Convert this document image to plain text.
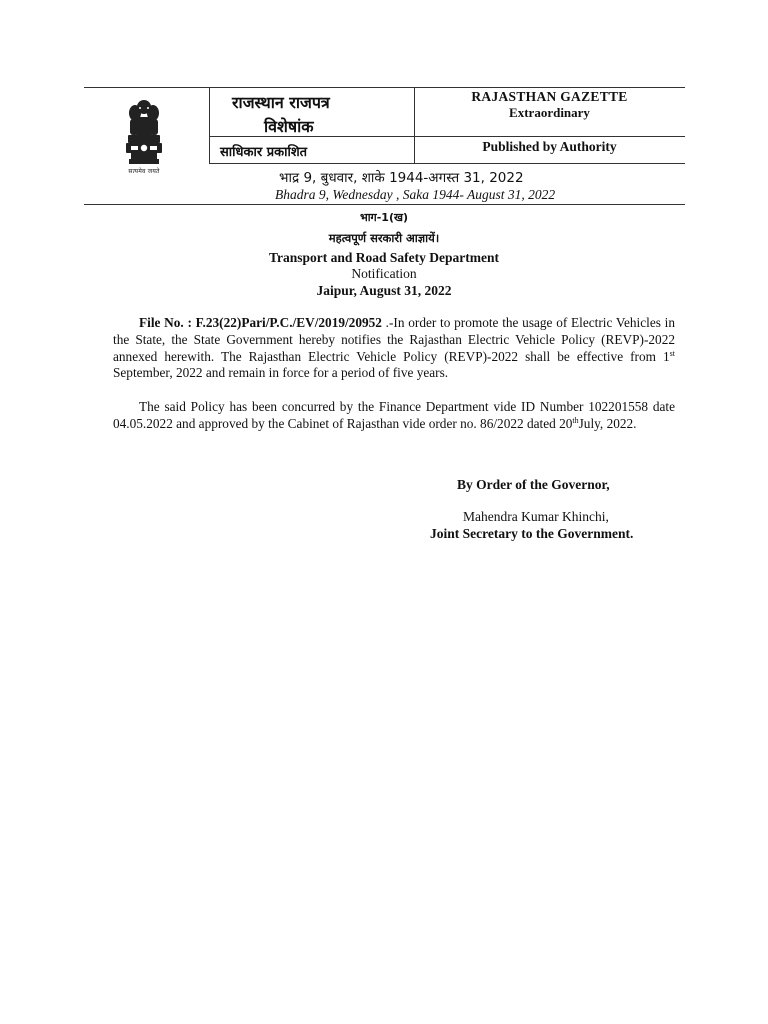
सत्यमेव जयते
राजस्थान राजपत्र
विशेषांक
साधिकार प्रकाशित
RAJASTHAN GAZETTE
Extraordinary
Published by Authority
भाद्र 9, बुधवार, शाके 1944-अगस्त 31, 2022
Bhadra 9, Wednesday , Saka 1944- August 31, 2022
भाग-1(ख)
महत्वपूर्ण सरकारी आज्ञायें।
Transport and Road Safety Department
Notification
Jaipur, August 31, 2022
File No. : F.23(22)Pari/P.C./EV/2019/20952 .-In order to promote the usage of Electric Vehicles in the State, the State Government hereby notifies the Rajasthan Electric Vehicle Policy (REVP)-2022 annexed herewith. The Rajasthan Electric Vehicle Policy (REVP)-2022 shall be effective from 1st September, 2022 and remain in force for a period of five years.
The said Policy has been concurred by the Finance Department vide ID Number 102201558 date 04.05.2022 and approved by the Cabinet of Rajasthan vide order no. 86/2022 dated 20thJuly, 2022.
By Order of the Governor,
Mahendra Kumar Khinchi,
Joint Secretary to the Government.
